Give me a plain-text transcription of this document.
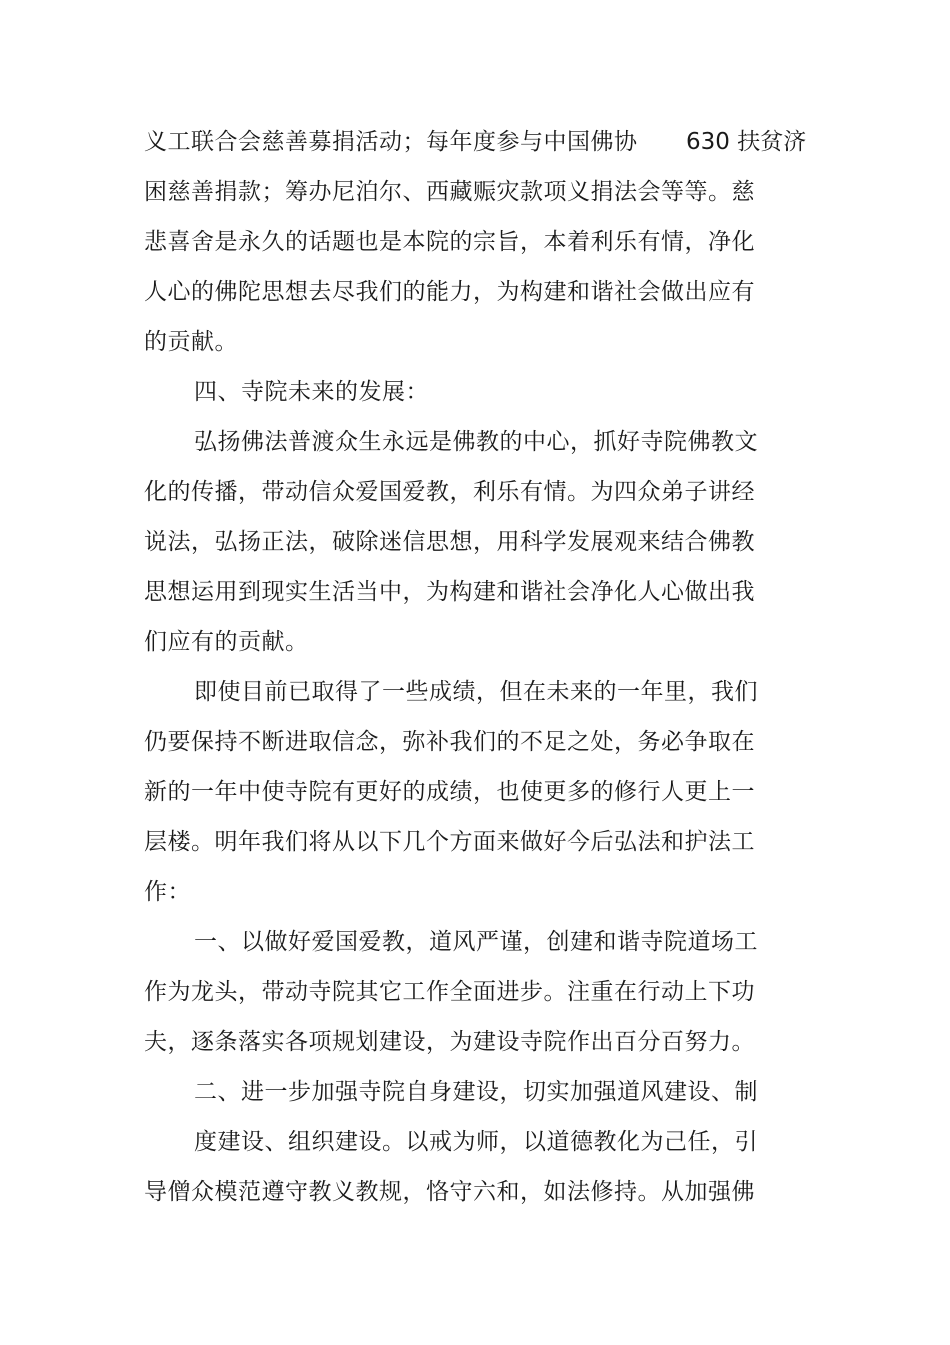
义工联合会慈善募捐活动；每年度参与中国佛协 630 扶贫济
困慈善捐款；筹办尼泊尔、西藏赈灾款项义捐法会等等。慈
悲喜舍是永久的话题也是本院的宗旨，本着利乐有情，净化
人心的佛陀思想去尽我们的能力，为构建和谐社会做出应有
的贡献。
四、寺院未来的发展：
弘扬佛法普渡众生永远是佛教的中心，抓好寺院佛教文
化的传播，带动信众爱国爱教，利乐有情。为四众弟子讲经
说法，弘扬正法，破除迷信思想，用科学发展观来结合佛教
思想运用到现实生活当中，为构建和谐社会净化人心做出我
们应有的贡献。
即使目前已取得了一些成绩，但在未来的一年里，我们
仍要保持不断进取信念，弥补我们的不足之处，务必争取在
新的一年中使寺院有更好的成绩，也使更多的修行人更上一
层楼。明年我们将从以下几个方面来做好今后弘法和护法工
作：
一、以做好爱国爱教，道风严谨，创建和谐寺院道场工
作为龙头，带动寺院其它工作全面进步。注重在行动上下功
夫，逐条落实各项规划建设，为建设寺院作出百分百努力。
二、进一步加强寺院自身建设，切实加强道风建设、制
度建设、组织建设。以戒为师，以道德教化为己任，引
导僧众模范遵守教义教规，恪守六和，如法修持。从加强佛
